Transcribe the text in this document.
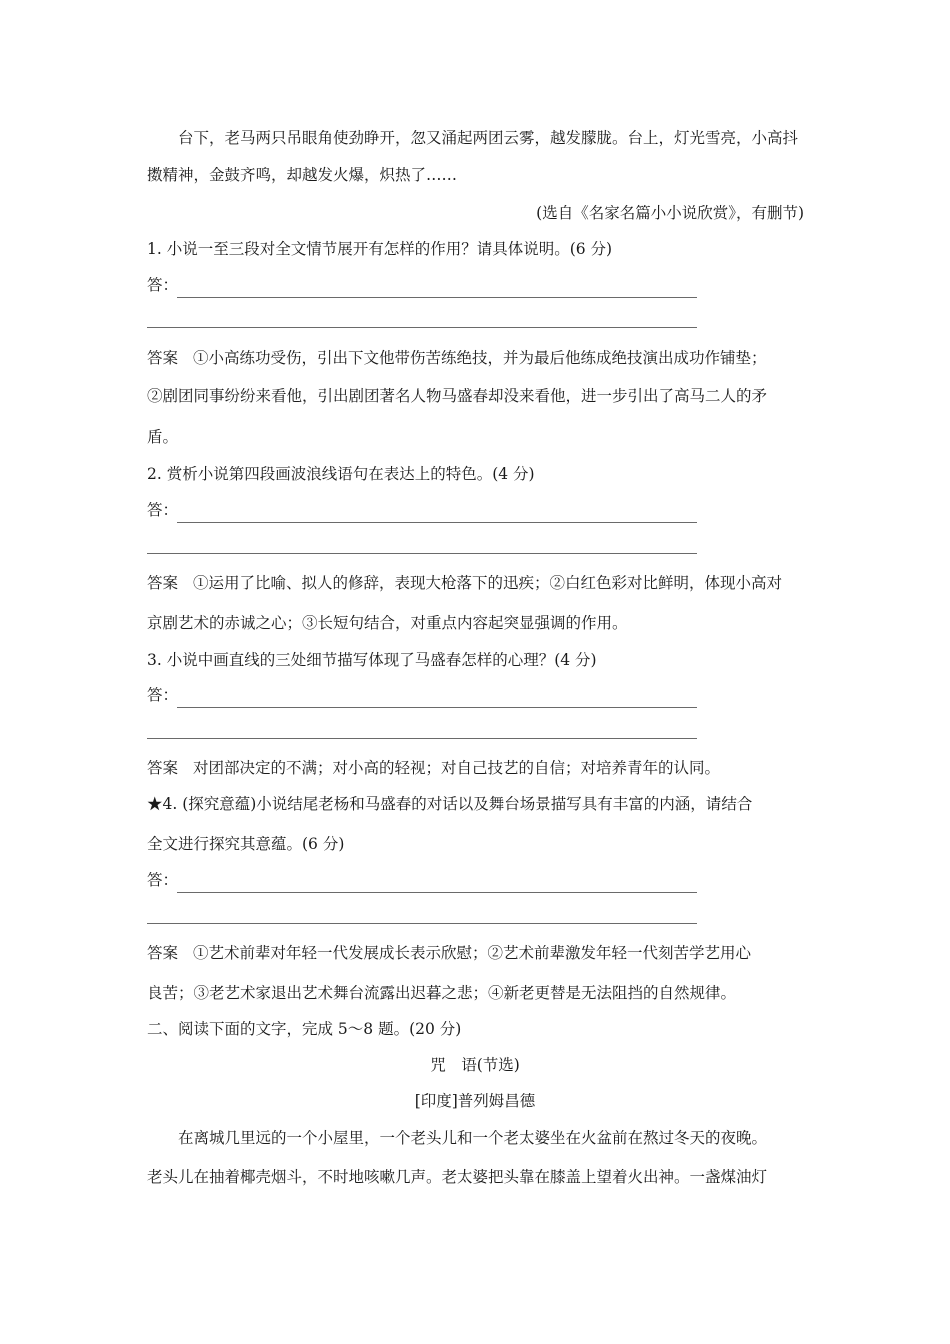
台下，老马两只吊眼角使劲睁开，忽又涌起两团云雾，越发朦胧。台上，灯光雪亮，小高抖
擞精神，金鼓齐鸣，却越发火爆，炽热了……
(选自《名家名篇小小说欣赏》，有删节)
1. 小说一至三段对全文情节展开有怎样的作用？请具体说明。(6 分)
答：
答案 ①小高练功受伤，引出下文他带伤苦练绝技，并为最后他练成绝技演出成功作铺垫；
②剧团同事纷纷来看他，引出剧团著名人物马盛春却没来看他，进一步引出了高马二人的矛
盾。
2. 赏析小说第四段画波浪线语句在表达上的特色。(4 分)
答：
答案 ①运用了比喻、拟人的修辞，表现大枪落下的迅疾；②白红色彩对比鲜明，体现小高对
京剧艺术的赤诚之心；③长短句结合，对重点内容起突显强调的作用。
3. 小说中画直线的三处细节描写体现了马盛春怎样的心理？(4 分)
答：
答案 对团部决定的不满；对小高的轻视；对自己技艺的自信；对培养青年的认同。
★4. (探究意蕴)小说结尾老杨和马盛春的对话以及舞台场景描写具有丰富的内涵，请结合
全文进行探究其意蕴。(6 分)
答：
答案 ①艺术前辈对年轻一代发展成长表示欣慰；②艺术前辈激发年轻一代刻苦学艺用心
良苦；③老艺术家退出艺术舞台流露出迟暮之悲；④新老更替是无法阻挡的自然规律。
二、阅读下面的文字，完成 5～8 题。(20 分)
咒　语(节选)
[印度]普列姆昌德
在离城几里远的一个小屋里，一个老头儿和一个老太婆坐在火盆前在熬过冬天的夜晚。
老头儿在抽着椰壳烟斗，不时地咳嗽几声。老太婆把头靠在膝盖上望着火出神。一盏煤油灯
